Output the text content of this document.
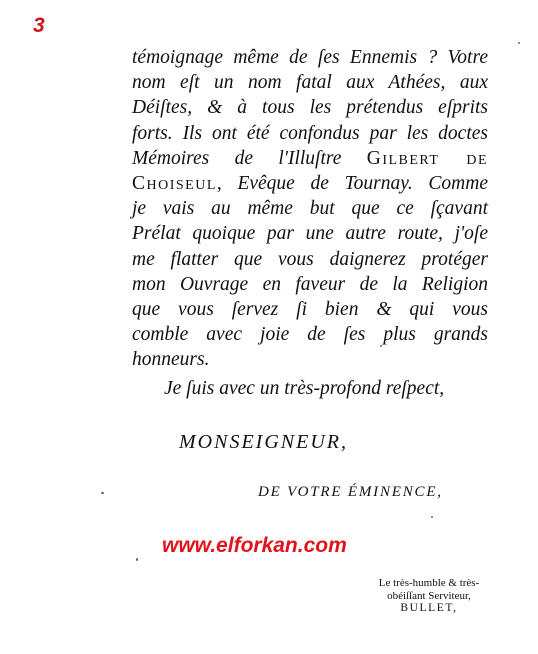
3
témoignage même de ſes Ennemis ? Votre
nom eſt un nom fatal aux Athées, aux
Déiſtes, & à tous les prétendus eſprits
forts. Ils ont été confondus par les doctes
Mémoires de l'Illuſtre Gilbert de
Choiseul, Evêque de Tournay. Comme
je vais au même but que ce ſçavant
Prélat quoique par une autre route, j'oſe
me flatter que vous daignerez protéger
mon Ouvrage en faveur de la Religion
que vous ſervez ſi bien & qui vous
comble avec joie de ſes plus grands
honneurs.
Je ſuis avec un très-profond reſpect,
MONSEIGNEUR,
DE VOTRE ÉMINENCE,
www.elforkan.com
Le très-humble & très-
obéiſſant Serviteur,
BULLET,
